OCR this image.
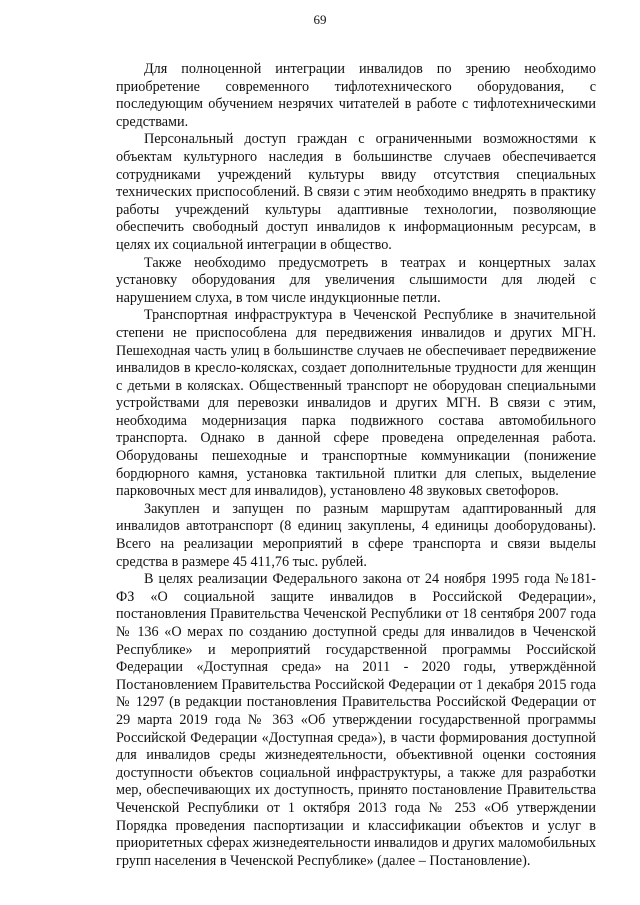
69

Для полноценной интеграции инвалидов по зрению необходимо приобретение современного тифлотехнического оборудования, с последующим обучением незрячих читателей в работе с тифлотехническими средствами.

Персональный доступ граждан с ограниченными возможностями к объектам культурного наследия в большинстве случаев обеспечивается сотрудниками учреждений культуры ввиду отсутствия специальных технических приспособлений. В связи с этим необходимо внедрять в практику работы учреждений культуры адаптивные технологии, позволяющие обеспечить свободный доступ инвалидов к информационным ресурсам, в целях их социальной интеграции в общество.

Также необходимо предусмотреть в театрах и концертных залах установку оборудования для увеличения слышимости для людей с нарушением слуха, в том числе индукционные петли.

Транспортная инфраструктура в Чеченской Республике в значительной степени не приспособлена для передвижения инвалидов и других МГН. Пешеходная часть улиц в большинстве случаев не обеспечивает передвижение инвалидов в кресло-колясках, создает дополнительные трудности для женщин с детьми в колясках. Общественный транспорт не оборудован специальными устройствами для перевозки инвалидов и других МГН. В связи с этим, необходима модернизация парка подвижного состава автомобильного транспорта. Однако в данной сфере проведена определенная работа. Оборудованы пешеходные и транспортные коммуникации (понижение бордюрного камня, установка тактильной плитки для слепых, выделение парковочных мест для инвалидов), установлено 48 звуковых светофоров.

Закуплен и запущен по разным маршрутам адаптированный для инвалидов автотранспорт (8 единиц закуплены, 4 единицы дооборудованы). Всего на реализации мероприятий в сфере транспорта и связи выделы средства в размере 45 411,76 тыс. рублей.

В целях реализации Федерального закона от 24 ноября 1995 года №181-ФЗ «О социальной защите инвалидов в Российской Федерации», постановления Правительства Чеченской Республики от 18 сентября 2007 года № 136 «О мерах по созданию доступной среды для инвалидов в Чеченской Республике» и мероприятий государственной программы Российской Федерации «Доступная среда» на 2011 - 2020 годы, утверждённой Постановлением Правительства Российской Федерации от 1 декабря 2015 года № 1297 (в редакции постановления Правительства Российской Федерации от 29 марта 2019 года № 363 «Об утверждении государственной программы Российской Федерации «Доступная среда»), в части формирования доступной для инвалидов среды жизнедеятельности, объективной оценки состояния доступности объектов социальной инфраструктуры, а также для разработки мер, обеспечивающих их доступность, принято постановление Правительства Чеченской Республики от 1 октября 2013 года № 253 «Об утверждении Порядка проведения паспортизации и классификации объектов и услуг в приоритетных сферах жизнедеятельности инвалидов и других маломобильных групп населения в Чеченской Республике» (далее – Постановление).
